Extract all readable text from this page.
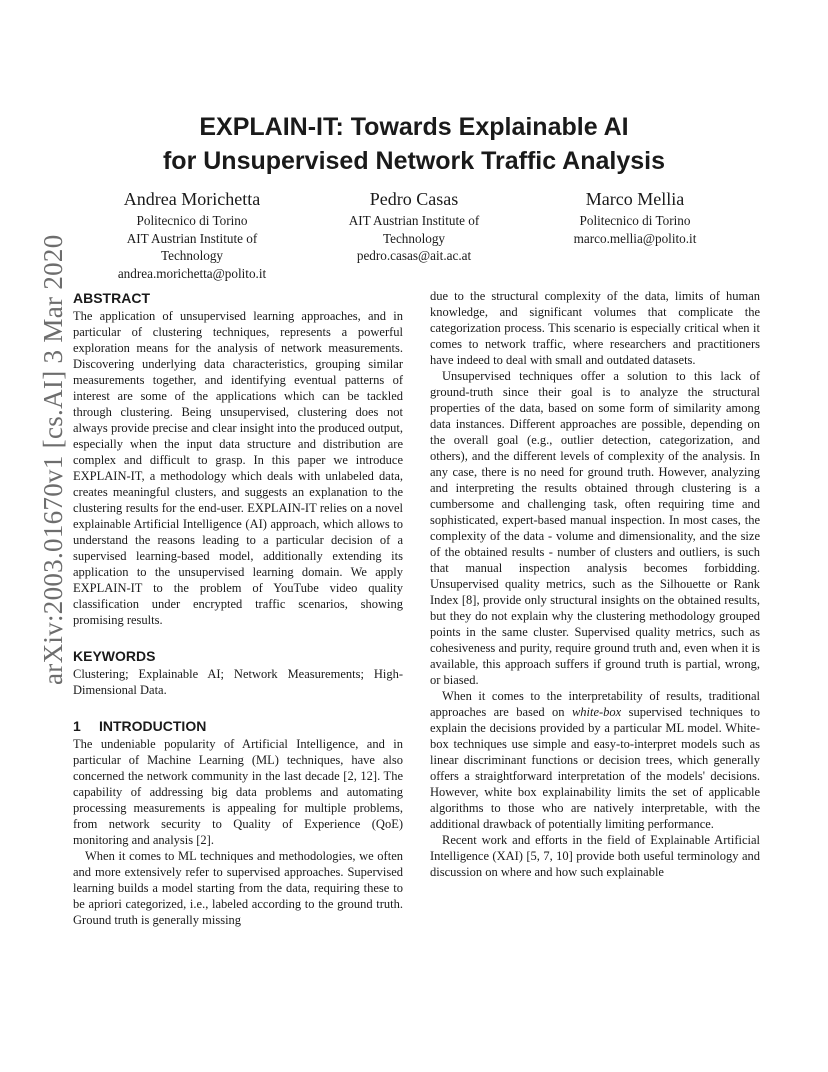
arXiv:2003.01670v1 [cs.AI] 3 Mar 2020
EXPLAIN-IT: Towards Explainable AI
for Unsupervised Network Traffic Analysis
Andrea Morichetta
Politecnico di Torino
AIT Austrian Institute of
Technology
andrea.morichetta@polito.it
Pedro Casas
AIT Austrian Institute of
Technology
pedro.casas@ait.ac.at
Marco Mellia
Politecnico di Torino
marco.mellia@polito.it
ABSTRACT

The application of unsupervised learning approaches, and in particular of clustering techniques, represents a powerful exploration means for the analysis of network measurements. Discovering underlying data characteristics, grouping similar measurements together, and identifying eventual patterns of interest are some of the applications which can be tackled through clustering. Being unsupervised, clustering does not always provide precise and clear insight into the produced output, especially when the input data structure and distribution are complex and difficult to grasp. In this paper we introduce EXPLAIN-IT, a methodology which deals with unlabeled data, creates meaningful clusters, and suggests an explanation to the clustering results for the end-user. EXPLAIN-IT relies on a novel explainable Artificial Intelligence (AI) approach, which allows to understand the reasons leading to a particular decision of a supervised learning-based model, additionally extending its application to the unsupervised learning domain. We apply EXPLAIN-IT to the problem of YouTube video quality classification under encrypted traffic scenarios, showing promising results.

KEYWORDS

Clustering; Explainable AI; Network Measurements; High-Dimensional Data.

1 INTRODUCTION

The undeniable popularity of Artificial Intelligence, and in particular of Machine Learning (ML) techniques, have also concerned the network community in the last decade [2, 12]. The capability of addressing big data problems and automating processing measurements is appealing for multiple problems, from network security to Quality of Experience (QoE) monitoring and analysis [2].

When it comes to ML techniques and methodologies, we often and more extensively refer to supervised approaches. Supervised learning builds a model starting from the data, requiring these to be apriori categorized, i.e., labeled according to the ground truth. Ground truth is generally missing

due to the structural complexity of the data, limits of human knowledge, and significant volumes that complicate the categorization process. This scenario is especially critical when it comes to network traffic, where researchers and practitioners have indeed to deal with small and outdated datasets.

Unsupervised techniques offer a solution to this lack of ground-truth since their goal is to analyze the structural properties of the data, based on some form of similarity among data instances. Different approaches are possible, depending on the overall goal (e.g., outlier detection, categorization, and others), and the different levels of complexity of the analysis. In any case, there is no need for ground truth. However, analyzing and interpreting the results obtained through clustering is a cumbersome and challenging task, often requiring time and sophisticated, expert-based manual inspection. In most cases, the complexity of the data - volume and dimensionality, and the size of the obtained results - number of clusters and outliers, is such that manual inspection analysis becomes forbidding. Unsupervised quality metrics, such as the Silhouette or Rank Index [8], provide only structural insights on the obtained results, but they do not explain why the clustering methodology grouped points in the same cluster. Supervised quality metrics, such as cohesiveness and purity, require ground truth and, even when it is available, this approach suffers if ground truth is partial, wrong, or biased.

When it comes to the interpretability of results, traditional approaches are based on white-box supervised techniques to explain the decisions provided by a particular ML model. White-box techniques use simple and easy-to-interpret models such as linear discriminant functions or decision trees, which generally offers a straightforward interpretation of the models' decisions. However, white box explainability limits the set of applicable algorithms to those who are natively interpretable, with the additional drawback of potentially limiting performance.

Recent work and efforts in the field of Explainable Artificial Intelligence (XAI) [5, 7, 10] provide both useful terminology and discussion on where and how such explainable
